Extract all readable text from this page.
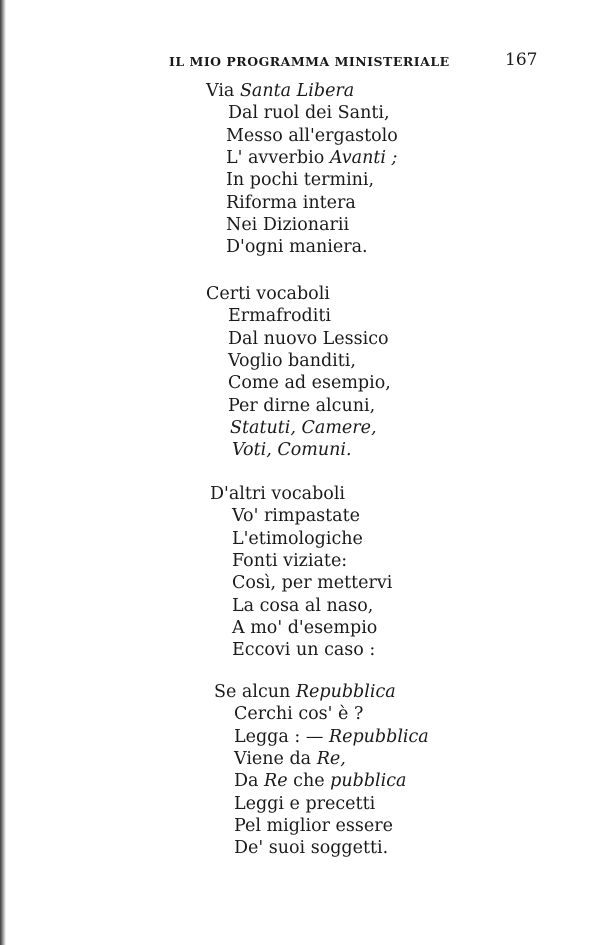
IL MIO PROGRAMMA MINISTERIALE	167
Via Santa Libera
Dal ruol dei Santi,
Messo all'ergastolo
L' avverbio Avanti ;
In pochi termini,
Riforma intera
Nei Dizionarii
D'ogni maniera.
Certi vocaboli
Ermafroditi
Dal nuovo Lessico
Voglio banditi,
Come ad esempio,
Per dirne alcuni,
Statuti, Camere,
Voti, Comuni.
D'altri vocaboli
Vo' rimpastate
L'etimologiche
Fonti viziate:
Così, per mettervi
La cosa al naso,
A mo' d'esempio
Eccovi un caso :
Se alcun Repubblica
Cerchi cos' è ?
Legga : — Repubblica
Viene da Re,
Da Re che pubblica
Leggi e precetti
Pel miglior essere
De' suoi soggetti.
